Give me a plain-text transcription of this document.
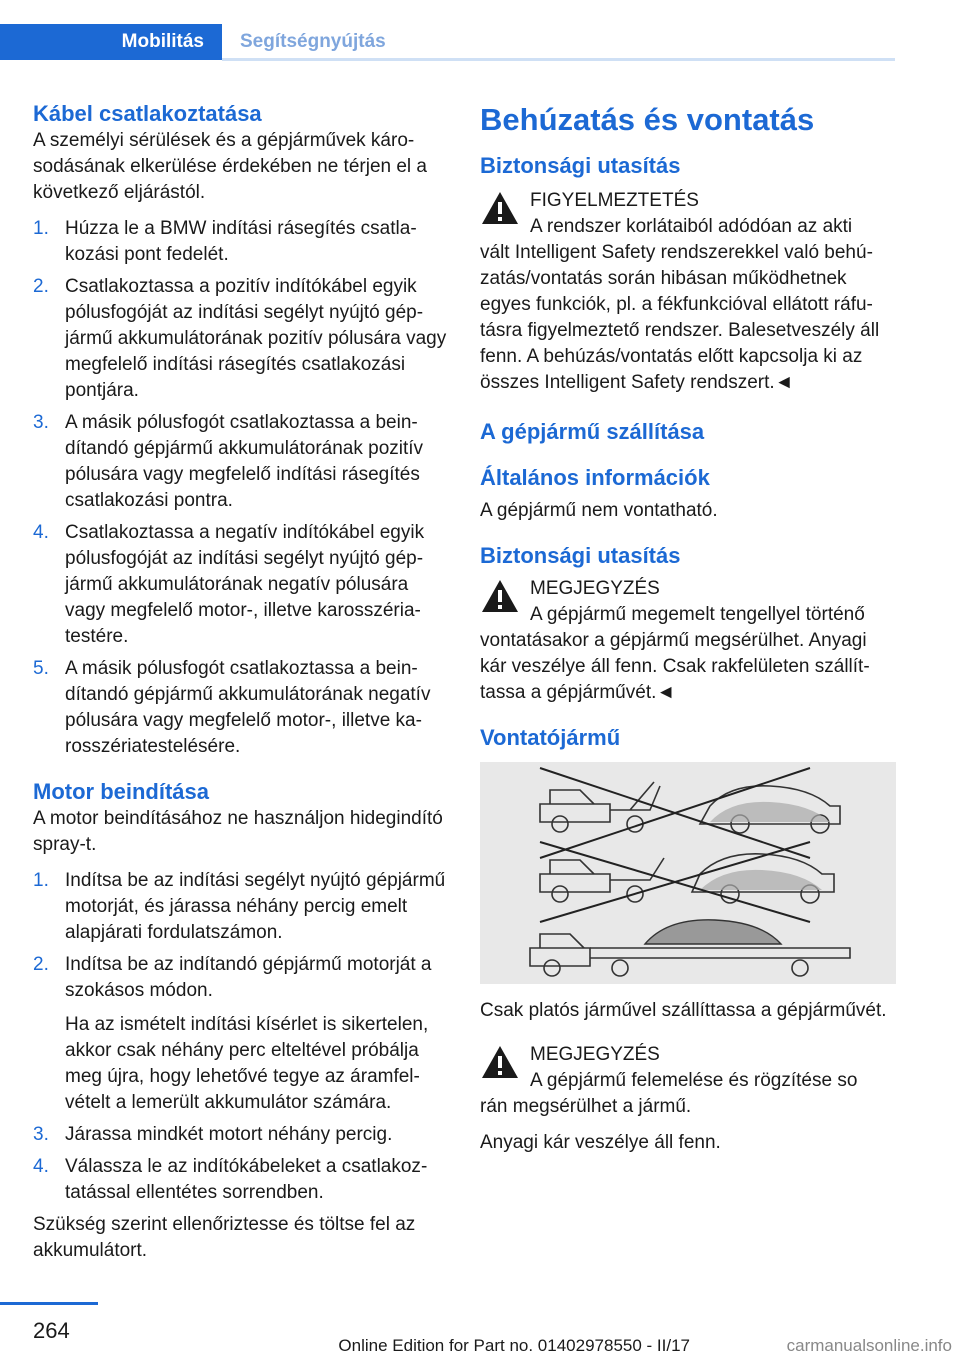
Mobilitás	Segítségnyújtás
Kábel csatlakoztatása

A személyi sérülések és a gépjárművek károsodásának elkerülése érdekében ne térjen el a következő eljárástól.

1. Húzza le a BMW indítási rásegítés csatlakozási pont fedelét.
2. Csatlakoztassa a pozitív indítókábel egyik pólusfogóját az indítási segélyt nyújtó gépjármű akkumulátorának pozitív pólusára vagy megfelelő indítási rásegítés csatlakozási pontjára.
3. A másik pólusfogót csatlakoztassa a beindítandó gépjármű akkumulátorának pozitív pólusára vagy megfelelő indítási rásegítés csatlakozási pontra.
4. Csatlakoztassa a negatív indítókábel egyik pólusfogóját az indítási segélyt nyújtó gépjármű akkumulátorának negatív pólusára vagy megfelelő motor-, illetve karosszériatestére.
5. A másik pólusfogót csatlakoztassa a beindítandó gépjármű akkumulátorának negatív pólusára vagy megfelelő motor-, illetve karosszériatestelésére.
Motor beindítása

A motor beindításához ne használjon hidegindító spray-t.

1. Indítsa be az indítási segélyt nyújtó gépjármű motorját, és járassa néhány percig emelt alapjárati fordulatszámon.
2. Indítsa be az indítandó gépjármű motorját a szokásos módon.
Ha az ismételt indítási kísérlet is sikertelen, akkor csak néhány perc elteltével próbálja meg újra, hogy lehetővé tegye az áramfelvételt a lemerült akkumulátor számára.
3. Járassa mindkét motort néhány percig.
4. Válassza le az indítókábeleket a csatlakoztatással ellentétes sorrendben.

Szükség szerint ellenőriztesse és töltse fel az akkumulátort.

Behúzatás és vontatás
Biztonsági utasítás
FIGYELMEZTETÉS
A rendszer korlátaiból adódóan az akti
vált Intelligent Safety rendszerekkel való behúzatás/vontatás során hibásan működhetnek egyes funkciók, pl. a fékfunkcióval ellátott ráfutásra figyelmeztető rendszer. Balesetveszély áll fenn. A behúzás/vontatás előtt kapcsolja ki az összes Intelligent Safety rendszert.◄
A gépjármű szállítása
Általános információk

A gépjármű nem vontatható.

Biztonsági utasítás
MEGJEGYZÉS
A gépjármű megemelt tengellyel történő
vontatásakor a gépjármű megsérülhet. Anyagi kár veszélye áll fenn. Csak rakfelületen szállíttassa a gépjárművét.◄
Vontatójármű

Csak platós járművel szállíttassa a gépjárművét.

MEGJEGYZÉS
A gépjármű felemelése és rögzítése so
rán megsérülhet a jármű.

Anyagi kár veszélye áll fenn.

264
Online Edition for Part no. 01402978550 - II/17	carmanualsonline.info
